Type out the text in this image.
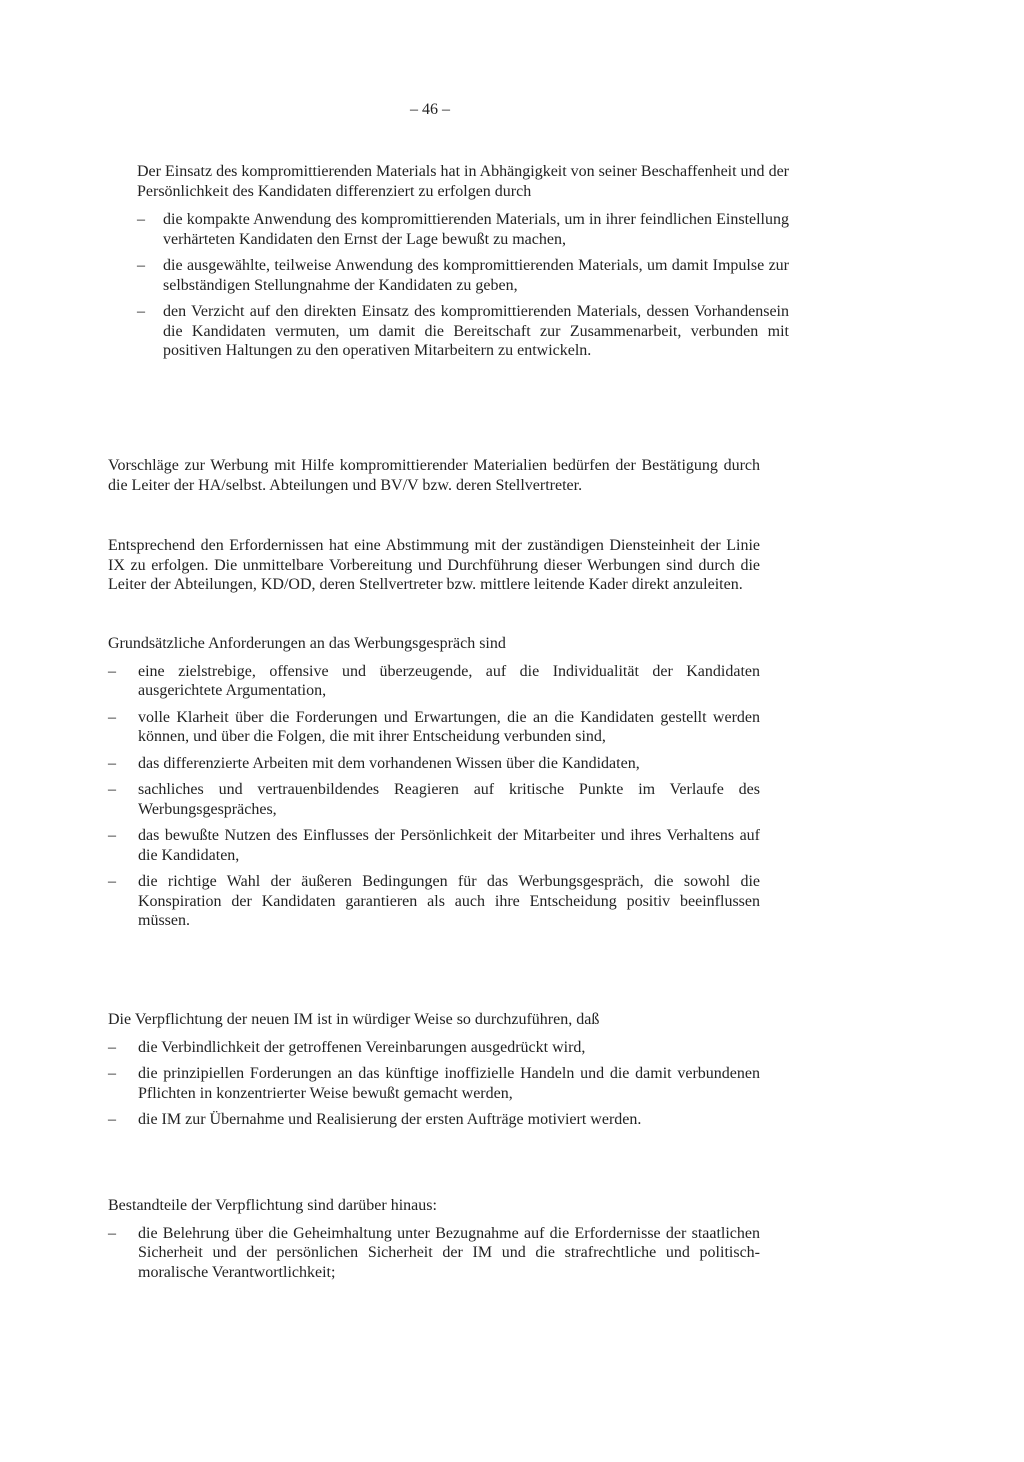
– 46 –

Der Einsatz des kompromittierenden Materials hat in Abhängigkeit von seiner Beschaffenheit und der Persönlichkeit des Kandidaten differenziert zu erfolgen durch

– die kompakte Anwendung des kompromittierenden Materials, um in ihrer feindlichen Einstellung verhärteten Kandidaten den Ernst der Lage bewußt zu machen,
– die ausgewählte, teilweise Anwendung des kompromittierenden Materials, um damit Impulse zur selbständigen Stellungnahme der Kandidaten zu geben,
– den Verzicht auf den direkten Einsatz des kompromittierenden Materials, dessen Vorhandensein die Kandidaten vermuten, um damit die Bereitschaft zur Zusammenarbeit, verbunden mit positiven Haltungen zu den operativen Mitarbeitern zu entwickeln.

Vorschläge zur Werbung mit Hilfe kompromittierender Materialien bedürfen der Bestätigung durch die Leiter der HA/selbst. Abteilungen und BV/V bzw. deren Stellvertreter.

Entsprechend den Erfordernissen hat eine Abstimmung mit der zuständigen Diensteinheit der Linie IX zu erfolgen. Die unmittelbare Vorbereitung und Durchführung dieser Werbungen sind durch die Leiter der Abteilungen, KD/OD, deren Stellvertreter bzw. mittlere leitende Kader direkt anzuleiten.

Grundsätzliche Anforderungen an das Werbungsgespräch sind

– eine zielstrebige, offensive und überzeugende, auf die Individualität der Kandidaten ausgerichtete Argumentation,
– volle Klarheit über die Forderungen und Erwartungen, die an die Kandidaten gestellt werden können, und über die Folgen, die mit ihrer Entscheidung verbunden sind,
– das differenzierte Arbeiten mit dem vorhandenen Wissen über die Kandidaten,
– sachliches und vertrauenbildendes Reagieren auf kritische Punkte im Verlaufe des Werbungsgespräches,
– das bewußte Nutzen des Einflusses der Persönlichkeit der Mitarbeiter und ihres Verhaltens auf die Kandidaten,
– die richtige Wahl der äußeren Bedingungen für das Werbungsgespräch, die sowohl die Konspiration der Kandidaten garantieren als auch ihre Entscheidung positiv beeinflussen müssen.

Die Verpflichtung der neuen IM ist in würdiger Weise so durchzuführen, daß

– die Verbindlichkeit der getroffenen Vereinbarungen ausgedrückt wird,
– die prinzipiellen Forderungen an das künftige inoffizielle Handeln und die damit verbundenen Pflichten in konzentrierter Weise bewußt gemacht werden,
– die IM zur Übernahme und Realisierung der ersten Aufträge motiviert werden.

Bestandteile der Verpflichtung sind darüber hinaus:

– die Belehrung über die Geheimhaltung unter Bezugnahme auf die Erfordernisse der staatlichen Sicherheit und der persönlichen Sicherheit der IM und die strafrechtliche und politisch-moralische Verantwortlichkeit;
